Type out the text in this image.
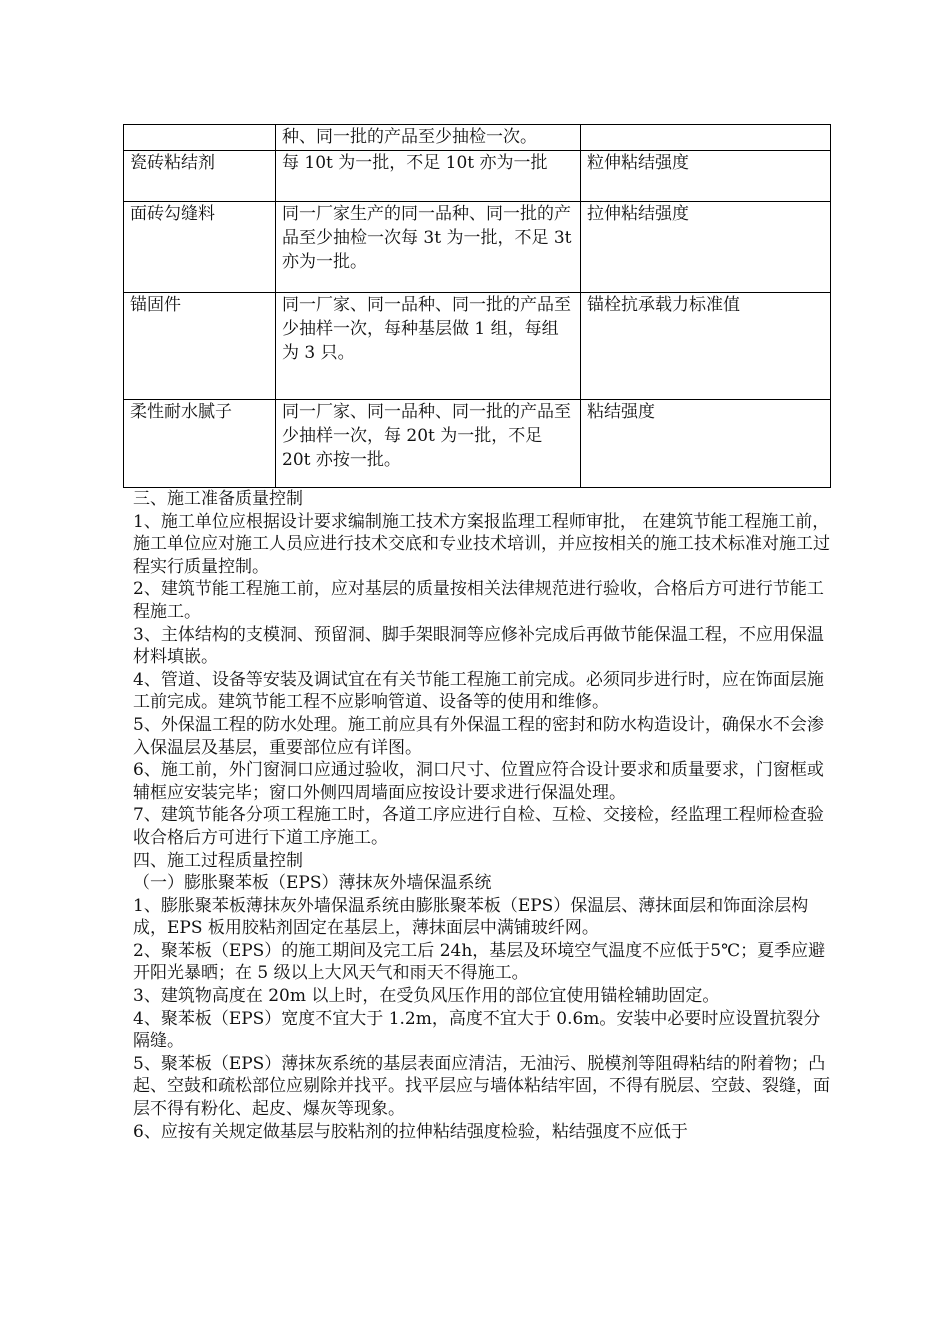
	种、同一批的产品至少抽检一次。	
瓷砖粘结剂	每 10t 为一批，不足 10t 亦为一批	粒伸粘结强度
面砖勾缝料	同一厂家生产的同一品种、同一批的产品至少抽检一次每 3t 为一批，不足 3t 亦为一批。	拉伸粘结强度
锚固件	同一厂家、同一品种、同一批的产品至少抽样一次，每种基层做 1 组，每组为 3 只。	锚栓抗承载力标准值
柔性耐水腻子	同一厂家、同一品种、同一批的产品至少抽样一次，每 20t 为一批，不足 20t 亦按一批。	粘结强度

三、施工准备质量控制

1、施工单位应根据设计要求编制施工技术方案报监理工程师审批， 在建筑节能工程施工前，施工单位应对施工人员应进行技术交底和专业技术培训，并应按相关的施工技术标准对施工过程实行质量控制。

2、建筑节能工程施工前，应对基层的质量按相关法律规范进行验收，合格后方可进行节能工程施工。

3、主体结构的支模洞、预留洞、脚手架眼洞等应修补完成后再做节能保温工程，不应用保温材料填嵌。

4、管道、设备等安装及调试宜在有关节能工程施工前完成。必须同步进行时，应在饰面层施工前完成。建筑节能工程不应影响管道、设备等的使用和维修。

5、外保温工程的防水处理。施工前应具有外保温工程的密封和防水构造设计，确保水不会渗入保温层及基层，重要部位应有详图。

6、施工前，外门窗洞口应通过验收，洞口尺寸、位置应符合设计要求和质量要求，门窗框或辅框应安装完毕；窗口外侧四周墙面应按设计要求进行保温处理。

7、建筑节能各分项工程施工时，各道工序应进行自检、互检、交接检，经监理工程师检查验收合格后方可进行下道工序施工。

四、施工过程质量控制

（一）膨胀聚苯板（EPS）薄抹灰外墙保温系统

1、膨胀聚苯板薄抹灰外墙保温系统由膨胀聚苯板（EPS）保温层、薄抹面层和饰面涂层构成，EPS 板用胶粘剂固定在基层上，薄抹面层中满铺玻纤网。

2、聚苯板（EPS）的施工期间及完工后 24h，基层及环境空气温度不应低于5℃；夏季应避开阳光暴晒；在 5 级以上大风天气和雨天不得施工。

3、建筑物高度在 20m 以上时，在受负风压作用的部位宜使用锚栓辅助固定。

4、聚苯板（EPS）宽度不宜大于 1.2m，高度不宜大于 0.6m。安装中必要时应设置抗裂分隔缝。

5、聚苯板（EPS）薄抹灰系统的基层表面应清洁，无油污、脱模剂等阻碍粘结的附着物；凸起、空鼓和疏松部位应剔除并找平。找平层应与墙体粘结牢固，不得有脱层、空鼓、裂缝，面层不得有粉化、起皮、爆灰等现象。

6、应按有关规定做基层与胶粘剂的拉伸粘结强度检验，粘结强度不应低于
